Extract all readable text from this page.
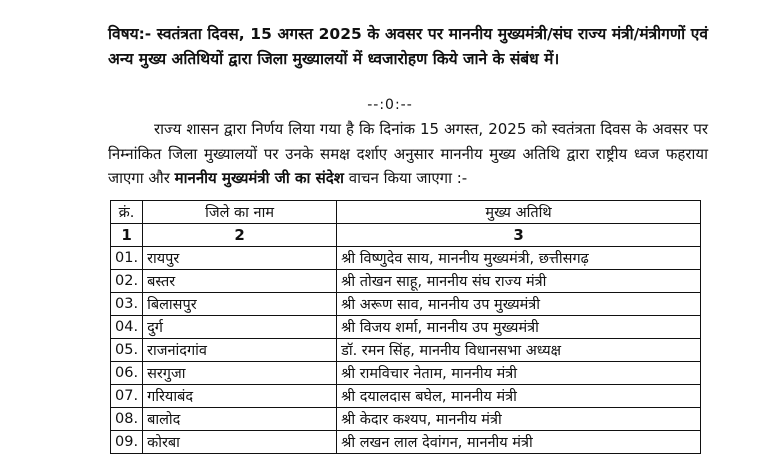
विषय:- स्वतंत्रता दिवस, 15 अगस्त 2025 के अवसर पर माननीय मुख्यमंत्री/संघ राज्य मंत्री/मंत्रीगणों एवं अन्य मुख्य अतिथियों द्वारा जिला मुख्यालयों में ध्वजारोहण किये जाने के संबंध में।
--:0:--
राज्य शासन द्वारा निर्णय लिया गया है कि दिनांक 15 अगस्त, 2025 को स्वतंत्रता दिवस के अवसर पर निम्नांकित जिला मुख्यालयों पर उनके समक्ष दर्शाए अनुसार माननीय मुख्य अतिथि द्वारा राष्ट्रीय ध्वज फहराया जाएगा और माननीय मुख्यमंत्री जी का संदेश वाचन किया जाएगा :-
क्रं.	जिले का नाम	मुख्य अतिथि
1	2	3
01.	रायपुर	श्री विष्णुदेव साय, माननीय मुख्यमंत्री, छत्तीसगढ़
02.	बस्तर	श्री तोखन साहू, माननीय संघ राज्य मंत्री
03.	बिलासपुर	श्री अरूण साव, माननीय उप मुख्यमंत्री
04.	दुर्ग	श्री विजय शर्मा, माननीय उप मुख्यमंत्री
05.	राजनांदगांव	डॉ. रमन सिंह, माननीय विधानसभा अध्यक्ष
06.	सरगुजा	श्री रामविचार नेताम, माननीय मंत्री
07.	गरियाबंद	श्री दयालदास बघेल, माननीय मंत्री
08.	बालोद	श्री केदार कश्यप, माननीय मंत्री
09.	कोरबा	श्री लखन लाल देवांगन, माननीय मंत्री
